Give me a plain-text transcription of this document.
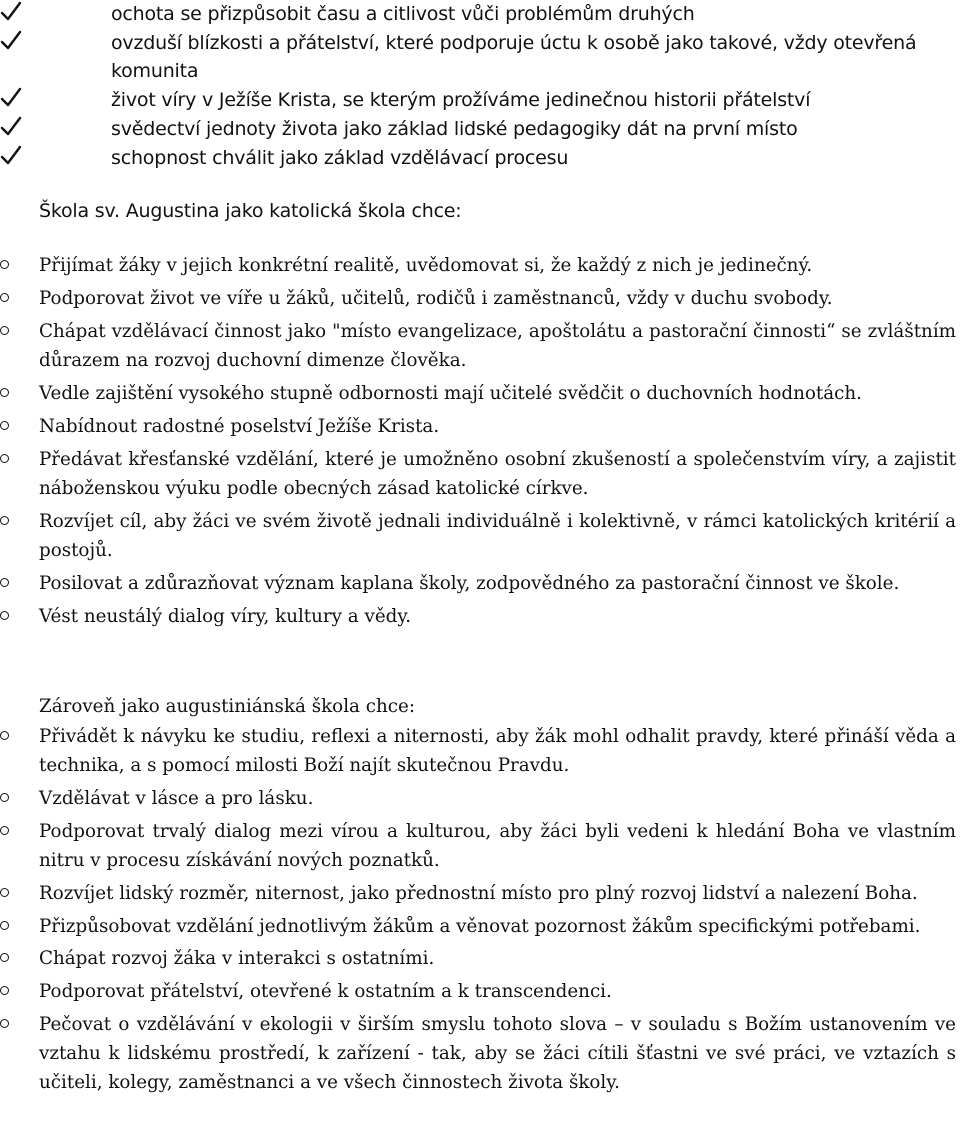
ochota se přizpůsobit času a citlivost vůči problémům druhých
ovzduší blízkosti a přátelství, které podporuje úctu k osobě jako takové, vždy otevřená komunita
život víry v Ježíše Krista, se kterým prožíváme jedinečnou historii přátelství
svědectví jednoty života jako základ lidské pedagogiky dát na první místo
schopnost chválit jako základ vzdělávací procesu
Škola sv. Augustina jako katolická škola chce:
Přijímat žáky v jejich konkrétní realitě, uvědomovat si, že každý z nich je jedinečný.
Podporovat život ve víře u žáků, učitelů, rodičů i zaměstnanců, vždy v duchu svobody.
Chápat vzdělávací činnost jako "místo evangelizace, apoštolátu a pastorační činnosti“ se zvláštním důrazem na rozvoj duchovní dimenze člověka.
Vedle zajištění vysokého stupně odbornosti mají učitelé svědčit o duchovních hodnotách.
Nabídnout radostné poselství Ježíše Krista.
Předávat křesťanské vzdělání, které je umožněno osobní zkušeností a společenstvím víry, a zajistit náboženskou výuku podle obecných zásad katolické církve.
Rozvíjet cíl, aby žáci ve svém životě jednali individuálně i kolektivně, v rámci katolických kritérií a postojů.
Posilovat a zdůrazňovat význam kaplana školy, zodpovědného za pastorační činnost ve škole.
Vést neustálý dialog víry, kultury a vědy.
Zároveň jako augustiniánská škola chce:
Přivádět k návyku ke studiu, reflexi a niternosti, aby žák mohl odhalit pravdy, které přináší věda a technika, a s pomocí milosti Boží najít skutečnou Pravdu.
Vzdělávat v lásce a pro lásku.
Podporovat trvalý dialog mezi vírou a kulturou, aby žáci byli vedeni k hledání Boha ve vlastním nitru v procesu získávání nových poznatků.
Rozvíjet lidský rozměr, niternost, jako přednostní místo pro plný rozvoj lidství a nalezení Boha.
Přizpůsobovat vzdělání jednotlivým žákům a věnovat pozornost žákům specifickými potřebami.
Chápat rozvoj žáka v interakci s ostatními.
Podporovat přátelství, otevřené k ostatním a k transcendenci.
Pečovat o vzdělávání v ekologii v širším smyslu tohoto slova – v souladu s Božím ustanovením ve vztahu k lidskému prostředí, k zařízení - tak, aby se žáci cítili šťastni ve své práci, ve vztazích s učiteli, kolegy, zaměstnanci a ve všech činnostech života školy.
